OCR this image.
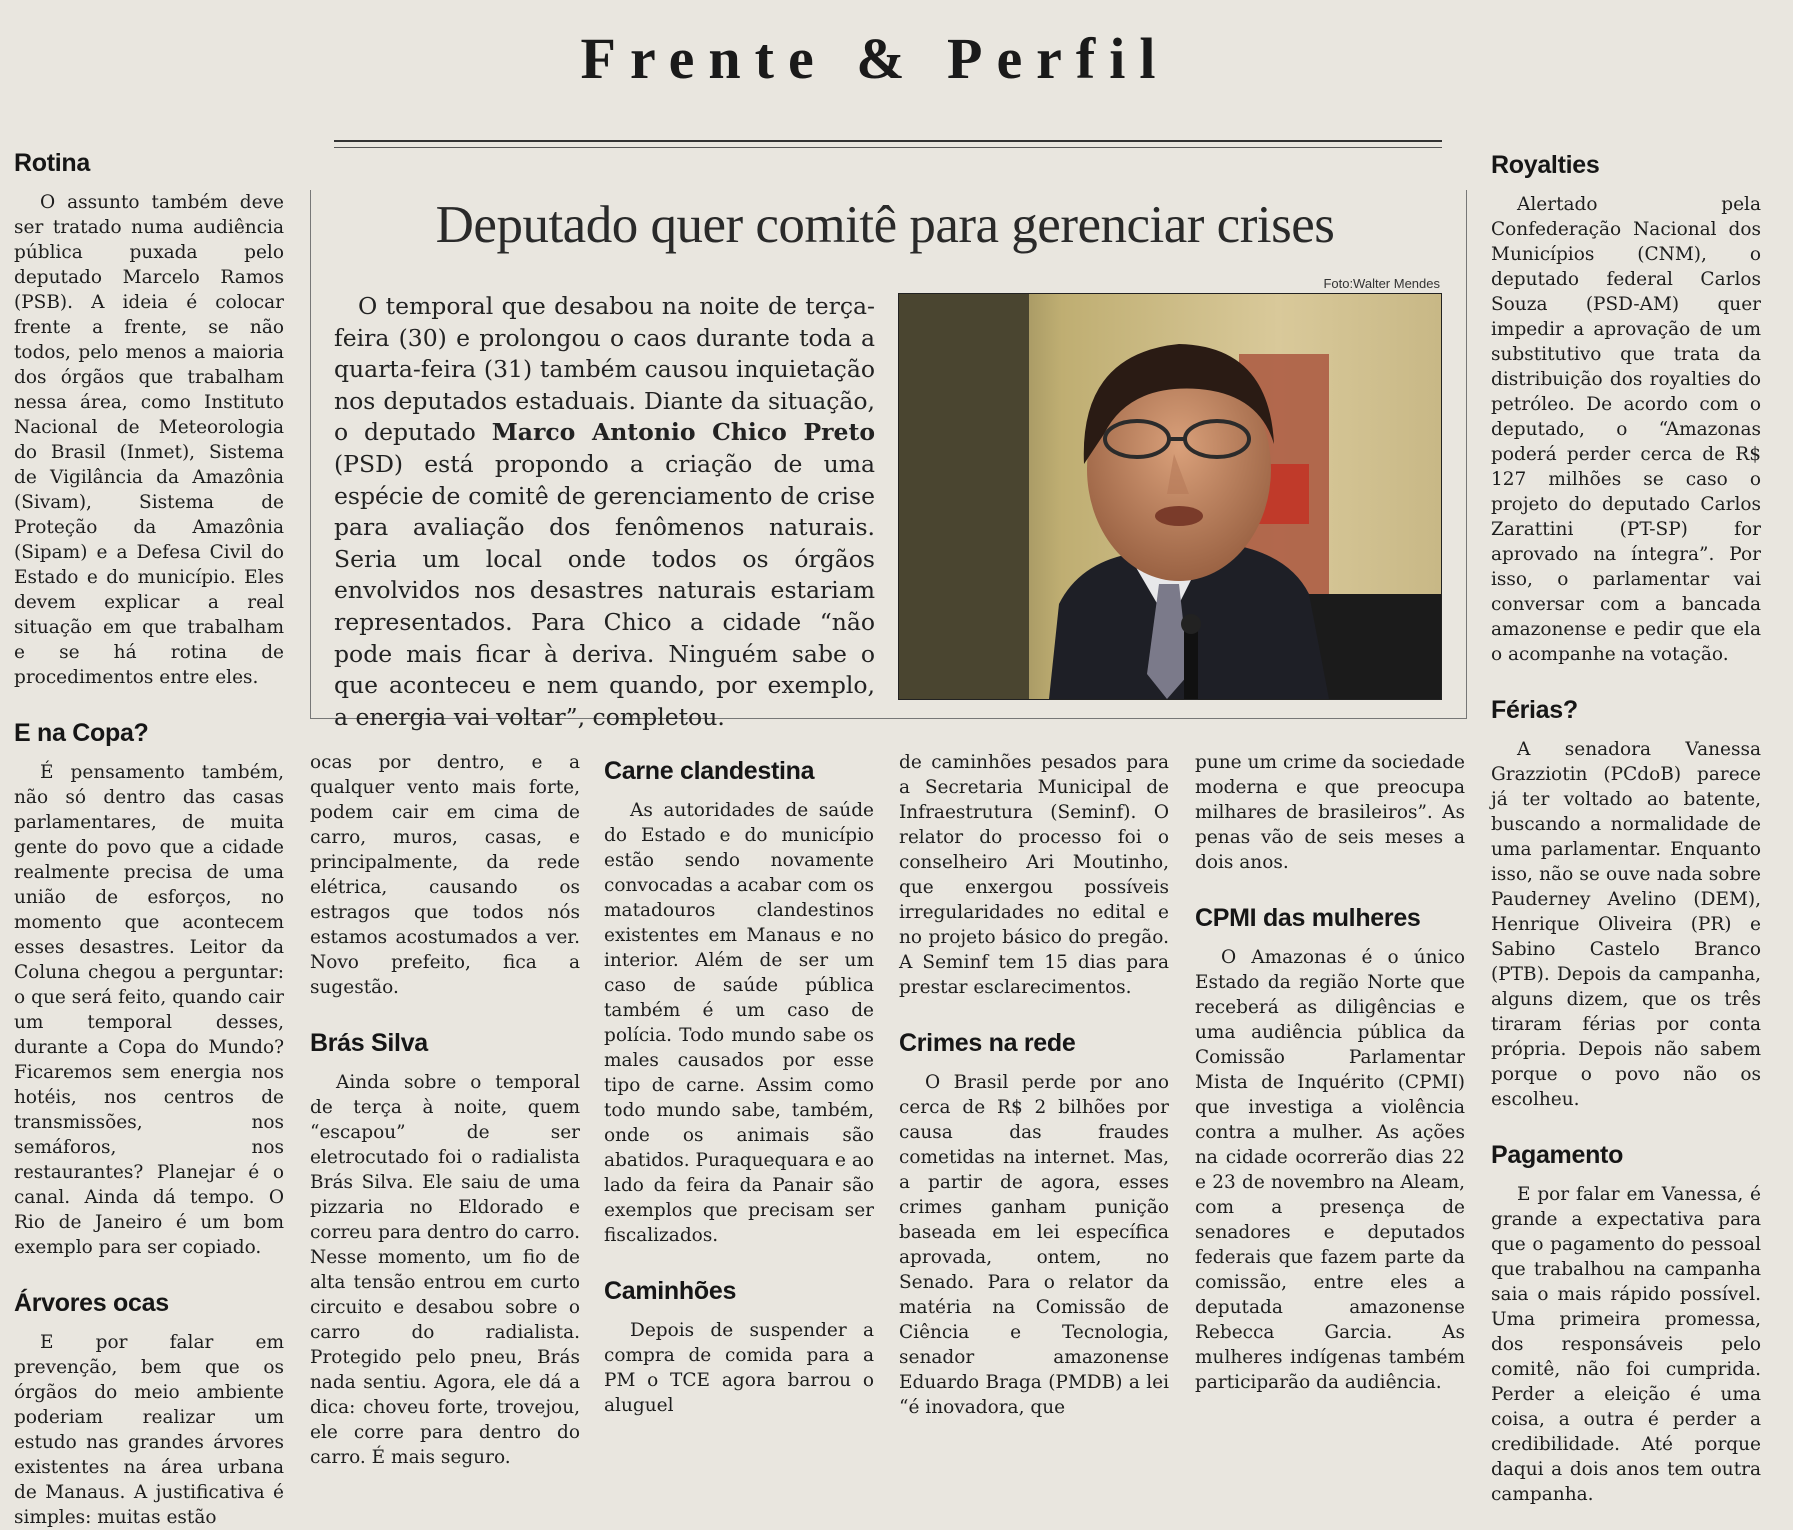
Frente & Perfil
Rotina

O assunto também deve ser tratado numa audiência pública puxada pelo deputado Marcelo Ramos (PSB). A ideia é colocar frente a frente, se não todos, pelo menos a maioria dos órgãos que trabalham nessa área, como Instituto Nacional de Meteorologia do Brasil (Inmet), Sistema de Vigilância da Amazônia (Sivam), Sistema de Proteção da Amazônia (Sipam) e a Defesa Civil do Estado e do município. Eles devem explicar a real situação em que trabalham e se há rotina de procedimentos entre eles.

E na Copa?

É pensamento também, não só dentro das casas parlamentares, de muita gente do povo que a cidade realmente precisa de uma união de esforços, no momento que acontecem esses desastres. Leitor da Coluna chegou a perguntar: o que será feito, quando cair um temporal desses, durante a Copa do Mundo? Ficaremos sem energia nos hotéis, nos centros de transmissões, nos semáforos, nos restaurantes? Planejar é o canal. Ainda dá tempo. O Rio de Janeiro é um bom exemplo para ser copiado.

Árvores ocas

E por falar em prevenção, bem que os órgãos do meio ambiente poderiam realizar um estudo nas grandes árvores existentes na área urbana de Manaus. A justificativa é simples: muitas estão

Deputado quer comitê para gerenciar crises

O temporal que desabou na noite de terça-feira (30) e prolongou o caos durante toda a quarta-feira (31) também causou inquietação nos deputados estaduais. Diante da situação, o deputado Marco Antonio Chico Preto (PSD) está propondo a criação de uma espécie de comitê de gerenciamento de crise para avaliação dos fenômenos naturais. Seria um local onde todos os órgãos envolvidos nos desastres naturais estariam representados. Para Chico a cidade “não pode mais ficar à deriva. Ninguém sabe o que aconteceu e nem quando, por exemplo, a energia vai voltar”, completou.

Foto:Walter Mendes

ocas por dentro, e a qualquer vento mais forte, podem cair em cima de carro, muros, casas, e principalmente, da rede elétrica, causando os estragos que todos nós estamos acostumados a ver. Novo prefeito, fica a sugestão.

Brás Silva

Ainda sobre o temporal de terça à noite, quem “escapou” de ser eletrocutado foi o radialista Brás Silva. Ele saiu de uma pizzaria no Eldorado e correu para dentro do carro. Nesse momento, um fio de alta tensão entrou em curto circuito e desabou sobre o carro do radialista. Protegido pelo pneu, Brás nada sentiu. Agora, ele dá a dica: choveu forte, trovejou, ele corre para dentro do carro. É mais seguro.

Carne clandestina

As autoridades de saúde do Estado e do município estão sendo novamente convocadas a acabar com os matadouros clandestinos existentes em Manaus e no interior. Além de ser um caso de saúde pública também é um caso de polícia. Todo mundo sabe os males causados por esse tipo de carne. Assim como todo mundo sabe, também, onde os animais são abatidos. Puraquequara e ao lado da feira da Panair são exemplos que precisam ser fiscalizados.

Caminhões

Depois de suspender a compra de comida para a PM o TCE agora barrou o aluguel

de caminhões pesados para a Secretaria Municipal de Infraestrutura (Seminf). O relator do processo foi o conselheiro Ari Moutinho, que enxergou possíveis irregularidades no edital e no projeto básico do pregão. A Seminf tem 15 dias para prestar esclarecimentos.

Crimes na rede

O Brasil perde por ano cerca de R$ 2 bilhões por causa das fraudes cometidas na internet. Mas, a partir de agora, esses crimes ganham punição baseada em lei específica aprovada, ontem, no Senado. Para o relator da matéria na Comissão de Ciência e Tecnologia, senador amazonense Eduardo Braga (PMDB) a lei “é inovadora, que

pune um crime da sociedade moderna e que preocupa milhares de brasileiros”. As penas vão de seis meses a dois anos.

CPMI das mulheres

O Amazonas é o único Estado da região Norte que receberá as diligências e uma audiência pública da Comissão Parlamentar Mista de Inquérito (CPMI) que investiga a violência contra a mulher. As ações na cidade ocorrerão dias 22 e 23 de novembro na Aleam, com a presença de senadores e deputados federais que fazem parte da comissão, entre eles a deputada amazonense Rebecca Garcia. As mulheres indígenas também participarão da audiência.

Royalties

Alertado pela Confederação Nacional dos Municípios (CNM), o deputado federal Carlos Souza (PSD-AM) quer impedir a aprovação de um substitutivo que trata da distribuição dos royalties do petróleo. De acordo com o deputado, o “Amazonas poderá perder cerca de R$ 127 milhões se caso o projeto do deputado Carlos Zarattini (PT-SP) for aprovado na íntegra”. Por isso, o parlamentar vai conversar com a bancada amazonense e pedir que ela o acompanhe na votação.

Férias?

A senadora Vanessa Grazziotin (PCdoB) parece já ter voltado ao batente, buscando a normalidade de uma parlamentar. Enquanto isso, não se ouve nada sobre Pauderney Avelino (DEM), Henrique Oliveira (PR) e Sabino Castelo Branco (PTB). Depois da campanha, alguns dizem, que os três tiraram férias por conta própria. Depois não sabem porque o povo não os escolheu.

Pagamento

E por falar em Vanessa, é grande a expectativa para que o pagamento do pessoal que trabalhou na campanha saia o mais rápido possível. Uma primeira promessa, dos responsáveis pelo comitê, não foi cumprida. Perder a eleição é uma coisa, a outra é perder a credibilidade. Até porque daqui a dois anos tem outra campanha.
